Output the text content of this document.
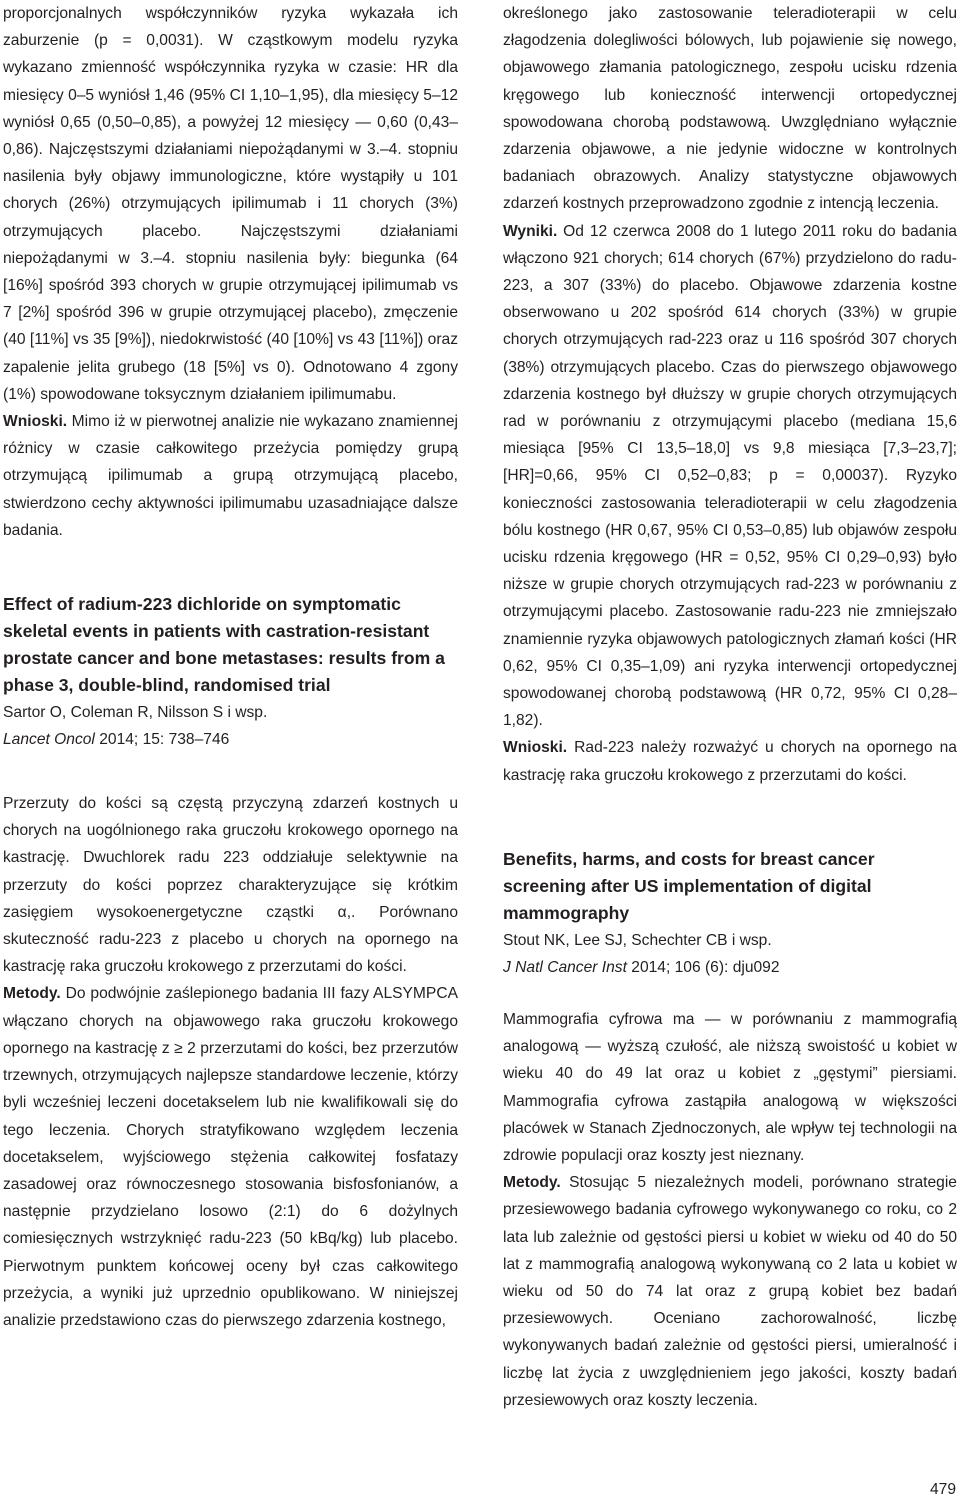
proporcjonalnych współczynników ryzyka wykazała ich zaburzenie (p = 0,0031). W cząstkowym modelu ryzyka wykazano zmienność współczynnika ryzyka w czasie: HR dla miesięcy 0–5 wyniósł 1,46 (95% CI 1,10–1,95), dla miesięcy 5–12 wyniósł 0,65 (0,50–0,85), a powyżej 12 miesięcy — 0,60 (0,43–0,86). Najczęstszymi działaniami niepożądanymi w 3.–4. stopniu nasilenia były objawy immunologiczne, które wystąpiły u 101 chorych (26%) otrzymujących ipilimumab i 11 chorych (3%) otrzymujących placebo. Najczęstszymi działaniami niepożądanymi w 3.–4. stopniu nasilenia były: biegunka (64 [16%] spośród 393 chorych w grupie otrzymującej ipilimumab vs 7 [2%] spośród 396 w grupie otrzymującej placebo), zmęczenie (40 [11%] vs 35 [9%]), niedokrwistość (40 [10%] vs 43 [11%]) oraz zapalenie jelita grubego (18 [5%] vs 0). Odnotowano 4 zgony (1%) spowodowane toksycznym działaniem ipilimumabu.

Wnioski. Mimo iż w pierwotnej analizie nie wykazano znamiennej różnicy w czasie całkowitego przeżycia pomiędzy grupą otrzymującą ipilimumab a grupą otrzymującą placebo, stwierdzono cechy aktywności ipilimumabu uzasadniające dalsze badania.

Effect of radium-223 dichloride on symptomatic skeletal events in patients with castration-resistant prostate cancer and bone metastases: results from a phase 3, double-blind, randomised trial
Sartor O, Coleman R, Nilsson S i wsp.
Lancet Oncol 2014; 15: 738–746

Przerzuty do kości są częstą przyczyną zdarzeń kostnych u chorych na uogólnionego raka gruczołu krokowego opornego na kastrację. Dwuchlorek radu 223 oddziałuje selektywnie na przerzuty do kości poprzez charakteryzujące się krótkim zasięgiem wysokoenergetyczne cząstki α,. Porównano skuteczność radu-223 z placebo u chorych na opornego na kastrację raka gruczołu krokowego z przerzutami do kości.

Metody. Do podwójnie zaślepionego badania III fazy ALSYMPCA włączano chorych na objawowego raka gruczołu krokowego opornego na kastrację z ≥ 2 przerzutami do kości, bez przerzutów trzewnych, otrzymujących najlepsze standardowe leczenie, którzy byli wcześniej leczeni docetakselem lub nie kwalifikowali się do tego leczenia. Chorych stratyfikowano względem leczenia docetakselem, wyjściowego stężenia całkowitej fosfatazy zasadowej oraz równoczesnego stosowania bisfosfonianów, a następnie przydzielano losowo (2:1) do 6 dożylnych comiesięcznych wstrzyknięć radu-223 (50 kBq/kg) lub placebo. Pierwotnym punktem końcowej oceny był czas całkowitego przeżycia, a wyniki już uprzednio opublikowano. W niniejszej analizie przedstawiono czas do pierwszego zdarzenia kostnego,

określonego jako zastosowanie teleradioterapii w celu złagodzenia dolegliwości bólowych, lub pojawienie się nowego, objawowego złamania patologicznego, zespołu ucisku rdzenia kręgowego lub konieczność interwencji ortopedycznej spowodowana chorobą podstawową. Uwzględniano wyłącznie zdarzenia objawowe, a nie jedynie widoczne w kontrolnych badaniach obrazowych. Analizy statystyczne objawowych zdarzeń kostnych przeprowadzono zgodnie z intencją leczenia.

Wyniki. Od 12 czerwca 2008 do 1 lutego 2011 roku do badania włączono 921 chorych; 614 chorych (67%) przydzielono do radu-223, a 307 (33%) do placebo. Objawowe zdarzenia kostne obserwowano u 202 spośród 614 chorych (33%) w grupie chorych otrzymujących rad-223 oraz u 116 spośród 307 chorych (38%) otrzymujących placebo. Czas do pierwszego objawowego zdarzenia kostnego był dłuższy w grupie chorych otrzymujących rad w porównaniu z otrzymującymi placebo (mediana 15,6 miesiąca [95% CI 13,5–18,0] vs 9,8 miesiąca [7,3–23,7]; [HR]=0,66, 95% CI 0,52–0,83; p = 0,00037). Ryzyko konieczności zastosowania teleradioterapii w celu złagodzenia bólu kostnego (HR 0,67, 95% CI 0,53–0,85) lub objawów zespołu ucisku rdzenia kręgowego (HR = 0,52, 95% CI 0,29–0,93) było niższe w grupie chorych otrzymujących rad-223 w porównaniu z otrzymującymi placebo. Zastosowanie radu-223 nie zmniejszało znamiennie ryzyka objawowych patologicznych złamań kości (HR 0,62, 95% CI 0,35–1,09) ani ryzyka interwencji ortopedycznej spowodowanej chorobą podstawową (HR 0,72, 95% CI 0,28–1,82).

Wnioski. Rad-223 należy rozważyć u chorych na opornego na kastrację raka gruczołu krokowego z przerzutami do kości.

Benefits, harms, and costs for breast cancer screening after US implementation of digital mammography
Stout NK, Lee SJ, Schechter CB i wsp.
J Natl Cancer Inst 2014; 106 (6): dju092

Mammografia cyfrowa ma — w porównaniu z mammografią analogową — wyższą czułość, ale niższą swoistość u kobiet w wieku 40 do 49 lat oraz u kobiet z „gęstymi” piersiami. Mammografia cyfrowa zastąpiła analogową w większości placówek w Stanach Zjednoczonych, ale wpływ tej technologii na zdrowie populacji oraz koszty jest nieznany.

Metody. Stosując 5 niezależnych modeli, porównano strategie przesiewowego badania cyfrowego wykonywanego co roku, co 2 lata lub zależnie od gęstości piersi u kobiet w wieku od 40 do 50 lat z mammografią analogową wykonywaną co 2 lata u kobiet w wieku od 50 do 74 lat oraz z grupą kobiet bez badań przesiewowych. Oceniano zachorowalność, liczbę wykonywanych badań zależnie od gęstości piersi, umieralność i liczbę lat życia z uwzględnieniem jego jakości, koszty badań przesiewowych oraz koszty leczenia.

479
